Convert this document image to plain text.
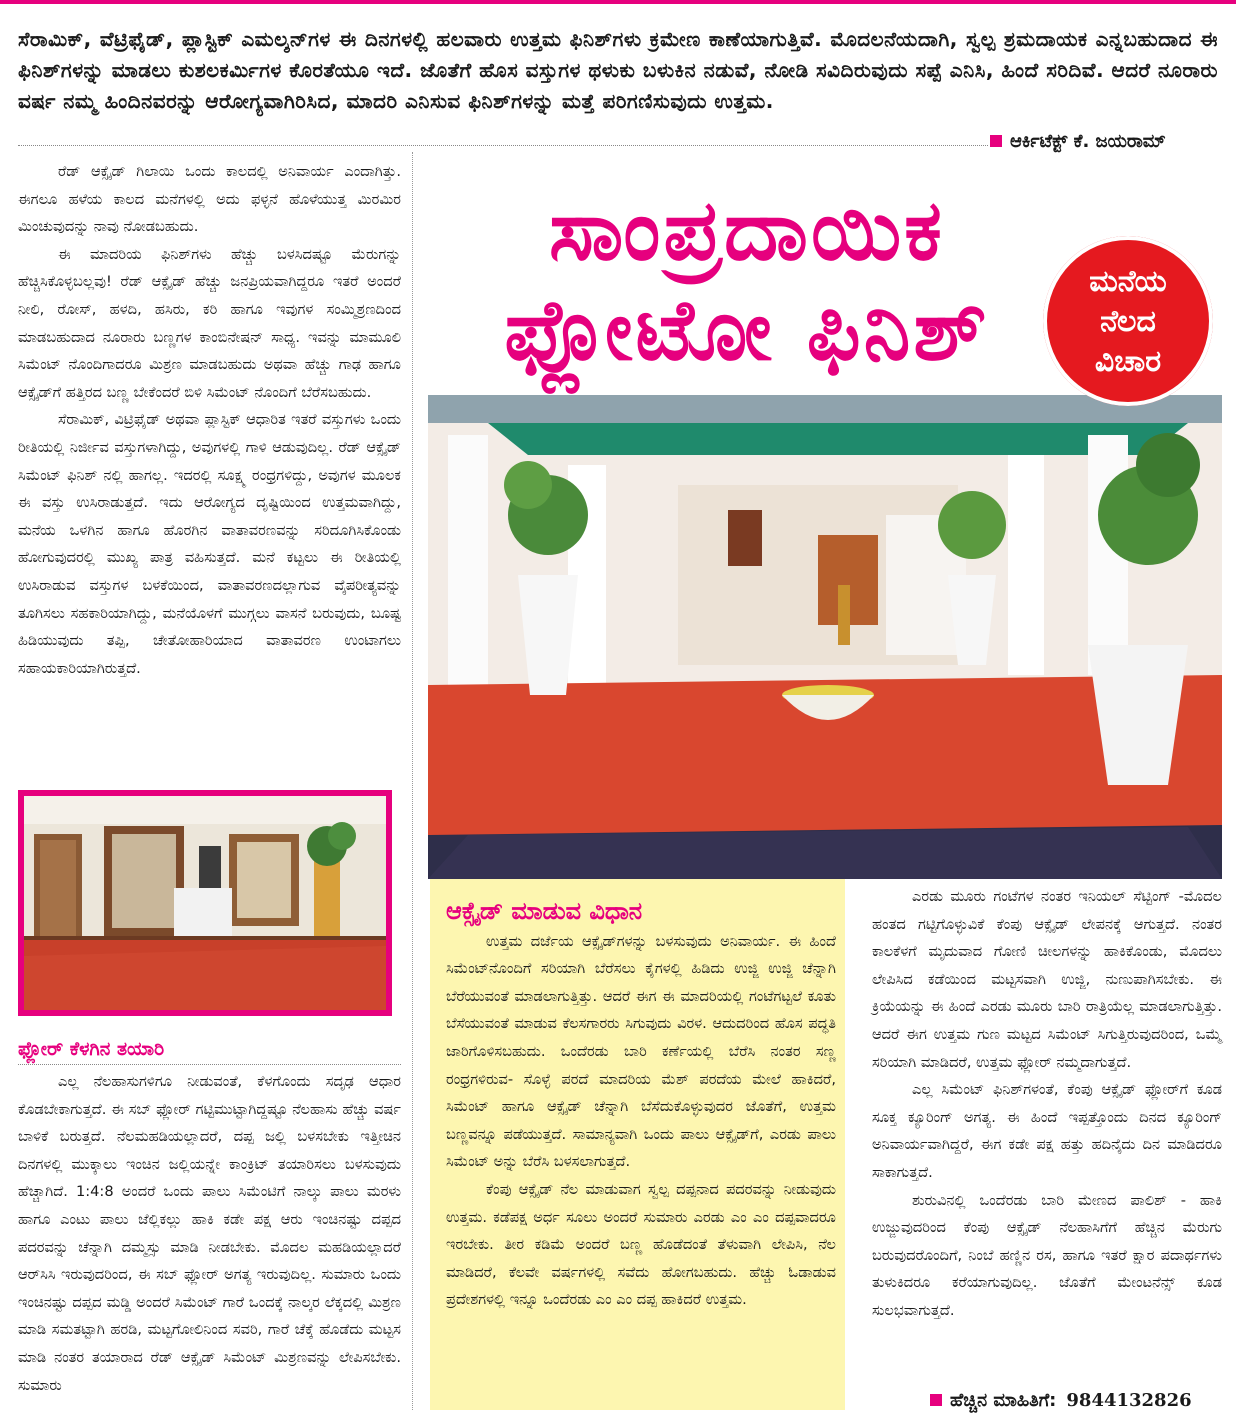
ಸೆರಾಮಿಕ್, ವೆಟ್ರಿಫೈಡ್, ಪ್ಲಾಸ್ಟಿಕ್ ಎಮಲ್ಶನ್‌ಗಳ ಈ ದಿನಗಳಲ್ಲಿ ಹಲವಾರು ಉತ್ತಮ ಫಿನಿಶ್‌ಗಳು ಕ್ರಮೇಣ ಕಾಣೆಯಾಗುತ್ತಿವೆ. ಮೊದಲನೆಯದಾಗಿ, ಸ್ವಲ್ಪ ಶ್ರಮದಾಯಕ ಎನ್ನಬಹುದಾದ ಈ ಫಿನಿಶ್‌ಗಳನ್ನು ಮಾಡಲು ಕುಶಲಕರ್ಮಿಗಳ ಕೊರತೆಯೂ ಇದೆ. ಜೊತೆಗೆ ಹೊಸ ವಸ್ತುಗಳ ಥಳುಕು ಬಳುಕಿನ ನಡುವೆ, ನೋಡಿ ಸವಿದಿರುವುದು ಸಪ್ಪೆ ಎನಿಸಿ, ಹಿಂದೆ ಸರಿದಿವೆ. ಆದರೆ ನೂರಾರು ವರ್ಷ ನಮ್ಮ ಹಿಂದಿನವರನ್ನು ಆರೋಗ್ಯವಾಗಿರಿಸಿದ, ಮಾದರಿ ಎನಿಸುವ ಫಿನಿಶ್‌ಗಳನ್ನು ಮತ್ತೆ ಪರಿಗಣಿಸುವುದು ಉತ್ತಮ.

ಆರ್ಕಿಟೆಕ್ಟ್ ಕೆ. ಜಯರಾಮ್

ರೆಡ್ ಆಕ್ಸೈಡ್ ಗಿಲಾಯಿ ಒಂದು ಕಾಲದಲ್ಲಿ ಅನಿವಾರ್ಯ ಎಂದಾಗಿತ್ತು. ಈಗಲೂ ಹಳೆಯ ಕಾಲದ ಮನೆಗಳಲ್ಲಿ ಅದು ಫಳ್ಳನೆ ಹೊಳೆಯುತ್ತ ಮಿರಮಿರ ಮಿಂಚುವುದನ್ನು ನಾವು ನೋಡಬಹುದು.

ಈ ಮಾದರಿಯ ಫಿನಿಶ್‌ಗಳು ಹೆಚ್ಚು ಬಳಸಿದಷ್ಟೂ ಮೆರುಗನ್ನು ಹೆಚ್ಚಿಸಿಕೊಳ್ಳಬಲ್ಲವು! ರೆಡ್ ಆಕ್ಸೈಡ್ ಹೆಚ್ಚು ಜನಪ್ರಿಯವಾಗಿದ್ದರೂ ಇತರೆ ಅಂದರೆ ನೀಲಿ, ರೋಸ್, ಹಳದಿ, ಹಸಿರು, ಕರಿ ಹಾಗೂ ಇವುಗಳ ಸಂಮ್ಮಿಶ್ರಣದಿಂದ ಮಾಡಬಹುದಾದ ನೂರಾರು ಬಣ್ಣಗಳ ಕಾಂಬಿನೇಷನ್ ಸಾಧ್ಯ. ಇವನ್ನು ಮಾಮೂಲಿ ಸಿಮೆಂಟ್ ನೊಂದಿಗಾದರೂ ಮಿಶ್ರಣ ಮಾಡಬಹುದು ಅಥವಾ ಹೆಚ್ಚು ಗಾಢ ಹಾಗೂ ಆಕ್ಸೈಡ್‌ಗೆ ಹತ್ತಿರದ ಬಣ್ಣ ಬೇಕೆಂದರೆ ಬಿಳಿ ಸಿಮೆಂಟ್ ನೊಂದಿಗೆ ಬೆರೆಸಬಹುದು.

ಸೆರಾಮಿಕ್, ವಿಟ್ರಿಫೈಡ್ ಅಥವಾ ಪ್ಲಾಸ್ಟಿಕ್ ಆಧಾರಿತ ಇತರೆ ವಸ್ತುಗಳು ಒಂದು ರೀತಿಯಲ್ಲಿ ನಿರ್ಜೀವ ವಸ್ತುಗಳಾಗಿದ್ದು, ಅವುಗಳಲ್ಲಿ ಗಾಳಿ ಆಡುವುದಿಲ್ಲ. ರೆಡ್ ಆಕ್ಸೈಡ್ ಸಿಮೆಂಟ್ ಫಿನಿಶ್ ನಲ್ಲಿ ಹಾಗಲ್ಲ. ಇದರಲ್ಲಿ ಸೂಕ್ಷ್ಮ ರಂಧ್ರಗಳಿದ್ದು, ಅವುಗಳ ಮೂಲಕ ಈ ವಸ್ತು ಉಸಿರಾಡುತ್ತದೆ. ಇದು ಆರೋಗ್ಯದ ದೃಷ್ಟಿಯಿಂದ ಉತ್ತಮವಾಗಿದ್ದು, ಮನೆಯ ಒಳಗಿನ ಹಾಗೂ ಹೊರಗಿನ ವಾತಾವರಣವನ್ನು ಸರಿದೂಗಿಸಿಕೊಂಡು ಹೋಗುವುದರಲ್ಲಿ ಮುಖ್ಯ ಪಾತ್ರ ವಹಿಸುತ್ತದೆ. ಮನೆ ಕಟ್ಟಲು ಈ ರೀತಿಯಲ್ಲಿ ಉಸಿರಾಡುವ ವಸ್ತುಗಳ ಬಳಕೆಯಿಂದ, ವಾತಾವರಣದಲ್ಲಾಗುವ ವೈಪರೀತ್ಯವನ್ನು ತೂಗಿಸಲು ಸಹಕಾರಿಯಾಗಿದ್ದು, ಮನೆಯೊಳಗೆ ಮುಗ್ಗಲು ವಾಸನೆ ಬರುವುದು, ಬೂಷ್ಟ ಹಿಡಿಯುವುದು ತಪ್ಪಿ, ಚೇತೋಹಾರಿಯಾದ ವಾತಾವರಣ ಉಂಟಾಗಲು ಸಹಾಯಕಾರಿಯಾಗಿರುತ್ತದೆ.

ಸಾಂಪ್ರದಾಯಿಕ
ಫ್ಲೋಟೋ ಫಿನಿಶ್	ಮನೆಯ
ನೆಲದ
ವಿಚಾರ
ಫ್ಲೋರ್ ಕೆಳಗಿನ ತಯಾರಿ

ಎಲ್ಲ ನೆಲಹಾಸುಗಳಿಗೂ ನೀಡುವಂತೆ, ಕೆಳಗೊಂದು ಸದೃಢ ಆಧಾರ ಕೊಡಬೇಕಾಗುತ್ತದೆ. ಈ ಸಬ್ ಫ್ಲೋರ್ ಗಟ್ಟಿಮುಟ್ಟಾಗಿದ್ದಷ್ಟೂ ನೆಲಹಾಸು ಹೆಚ್ಚು ವರ್ಷ ಬಾಳಿಕೆ ಬರುತ್ತದೆ. ನೆಲಮಹಡಿಯಲ್ಲಾದರೆ, ದಪ್ಪ ಜಲ್ಲಿ ಬಳಸಬೇಕು ಇತ್ತೀಚಿನ ದಿನಗಳಲ್ಲಿ ಮುಕ್ಕಾಲು ಇಂಚಿನ ಜಲ್ಲಿಯನ್ನೇ ಕಾಂಕ್ರಿಟ್ ತಯಾರಿಸಲು ಬಳಸುವುದು ಹೆಚ್ಚಾಗಿದೆ. 1:4:8 ಅಂದರೆ ಒಂದು ಪಾಲು ಸಿಮೆಂಟಿಗೆ ನಾಲ್ಕು ಪಾಲು ಮರಳು ಹಾಗೂ ಎಂಟು ಪಾಲು ಜೆಲ್ಲಿಕಲ್ಲು ಹಾಕಿ ಕಡೇ ಪಕ್ಷ ಆರು ಇಂಚಿನಷ್ಟು ದಪ್ಪದ ಪದರವನ್ನು ಚೆನ್ನಾಗಿ ದಮ್ಮಸ್ಸು ಮಾಡಿ ನೀಡಬೇಕು. ಮೊದಲ ಮಹಡಿಯಲ್ಲಾದರೆ ಆರ್‌ಸಿಸಿ ಇರುವುದರಿಂದ, ಈ ಸಬ್ ಫ್ಲೋರ್ ಅಗತ್ಯ ಇರುವುದಿಲ್ಲ. ಸುಮಾರು ಒಂದು ಇಂಚಿನಷ್ಟು ದಪ್ಪದ ಮಡ್ಡಿ ಅಂದರೆ ಸಿಮೆಂಟ್ ಗಾರೆ ಒಂದಕ್ಕೆ ನಾಲ್ಕರ ಲೆಕ್ಕದಲ್ಲಿ ಮಿಶ್ರಣ ಮಾಡಿ ಸಮತಟ್ಟಾಗಿ ಹರಡಿ, ಮಟ್ಟಗೋಲಿನಿಂದ ಸವರಿ, ಗಾರೆ ಚೆಕ್ಕೆ ಹೊಡೆದು ಮಟ್ಟಸ ಮಾಡಿ ನಂತರ ತಯಾರಾದ ರೆಡ್ ಆಕ್ಸೈಡ್ ಸಿಮೆಂಟ್ ಮಿಶ್ರಣವನ್ನು ಲೇಪಿಸಬೇಕು. ಸುಮಾರು

ಆಕ್ಸೈಡ್ ಮಾಡುವ ವಿಧಾನ

ಉತ್ತಮ ದರ್ಜೆಯ ಆಕ್ಸೈಡ್‌ಗಳನ್ನು ಬಳಸುವುದು ಅನಿವಾರ್ಯ. ಈ ಹಿಂದೆ ಸಿಮೆಂಟ್‌ನೊಂದಿಗೆ ಸರಿಯಾಗಿ ಬೆರೆಸಲು ಕೈಗಳಲ್ಲಿ ಹಿಡಿದು ಉಜ್ಜಿ ಉಜ್ಜಿ ಚೆನ್ನಾಗಿ ಬೆರೆಯುವಂತೆ ಮಾಡಲಾಗುತ್ತಿತ್ತು. ಆದರೆ ಈಗ ಈ ಮಾದರಿಯಲ್ಲಿ ಗಂಟೆಗಟ್ಟಲೆ ಕೂತು ಬೆಸೆಯುವಂತೆ ಮಾಡುವ ಕೆಲಸಗಾರರು ಸಿಗುವುದು ವಿರಳ. ಆದುದರಿಂದ ಹೊಸ ಪದ್ಧತಿ ಜಾರಿಗೊಳಿಸಬಹುದು. ಒಂದೆರಡು ಬಾರಿ ಕರ್ಣೆಯಲ್ಲಿ ಬೆರೆಸಿ ನಂತರ ಸಣ್ಣ ರಂಧ್ರಗಳಿರುವ- ಸೊಳ್ಳೆ ಪರದೆ ಮಾದರಿಯ ಮೆಶ್ ಪರದೆಯ ಮೇಲೆ ಹಾಕಿದರೆ, ಸಿಮೆಂಟ್ ಹಾಗೂ ಆಕ್ಸೈಡ್ ಚೆನ್ನಾಗಿ ಬೆಸೆದುಕೊಳ್ಳುವುದರ ಜೊತೆಗೆ, ಉತ್ತಮ ಬಣ್ಣವನ್ನೂ ಪಡೆಯುತ್ತದೆ. ಸಾಮಾನ್ಯವಾಗಿ ಒಂದು ಪಾಲು ಆಕ್ಸೈಡ್‌ಗೆ, ಎರಡು ಪಾಲು ಸಿಮೆಂಟ್ ಅನ್ನು ಬೆರೆಸಿ ಬಳಸಲಾಗುತ್ತದೆ.

ಕೆಂಪು ಆಕ್ಸೈಡ್ ನೆಲ ಮಾಡುವಾಗ ಸ್ವಲ್ಪ ದಪ್ಪನಾದ ಪದರವನ್ನು ನೀಡುವುದು ಉತ್ತಮ. ಕಡೆಪಕ್ಷ ಅರ್ಧ ಸೂಲು ಅಂದರೆ ಸುಮಾರು ಎರಡು ಎಂ ಎಂ ದಪ್ಪವಾದರೂ ಇರಬೇಕು. ತೀರ ಕಡಿಮೆ ಅಂದರೆ ಬಣ್ಣ ಹೊಡೆದಂತೆ ತೆಳುವಾಗಿ ಲೇಪಿಸಿ, ನೆಲ ಮಾಡಿದರೆ, ಕೆಲವೇ ವರ್ಷಗಳಲ್ಲಿ ಸವೆದು ಹೋಗಬಹುದು. ಹೆಚ್ಚು ಓಡಾಡುವ ಪ್ರದೇಶಗಳಲ್ಲಿ ಇನ್ನೂ ಒಂದೆರಡು ಎಂ ಎಂ ದಪ್ಪ ಹಾಕಿದರೆ ಉತ್ತಮ.

ಎರಡು ಮೂರು ಗಂಟೆಗಳ ನಂತರ ಇನಿಯಲ್ ಸೆಟ್ಟಿಂಗ್ -ಮೊದಲ ಹಂತದ ಗಟ್ಟಿಗೊಳ್ಳುವಿಕೆ ಕೆಂಪು ಆಕ್ಸೈಡ್ ಲೇಪನಕ್ಕೆ ಆಗುತ್ತದೆ. ನಂತರ ಕಾಲಕೆಳಗೆ ಮೃದುವಾದ ಗೋಣಿ ಚೀಲಗಳನ್ನು ಹಾಕಿಕೊಂಡು, ಮೊದಲು ಲೇಪಿಸಿದ ಕಡೆಯಿಂದ ಮಟ್ಟಸವಾಗಿ ಉಜ್ಜಿ, ನುಣುಪಾಗಿಸಬೇಕು. ಈ ಕ್ರಿಯೆಯನ್ನು ಈ ಹಿಂದೆ ಎರಡು ಮೂರು ಬಾರಿ ರಾತ್ರಿಯೆಲ್ಲ ಮಾಡಲಾಗುತ್ತಿತ್ತು. ಆದರೆ ಈಗ ಉತ್ತಮ ಗುಣ ಮಟ್ಟದ ಸಿಮೆಂಟ್ ಸಿಗುತ್ತಿರುವುದರಿಂದ, ಒಮ್ಮೆ ಸರಿಯಾಗಿ ಮಾಡಿದರೆ, ಉತ್ತಮ ಫ್ಲೋರ್ ನಮ್ಮದಾಗುತ್ತದೆ.

ಎಲ್ಲ ಸಿಮೆಂಟ್ ಫಿನಿಶ್‌ಗಳಂತೆ, ಕೆಂಪು ಆಕ್ಸೈಡ್ ಫ್ಲೋರ್‌ಗೆ ಕೂಡ ಸೂಕ್ತ ಕ್ಯೂರಿಂಗ್ ಅಗತ್ಯ. ಈ ಹಿಂದೆ ಇಪ್ಪತ್ತೊಂದು ದಿನದ ಕ್ಯೂರಿಂಗ್ ಅನಿವಾರ್ಯವಾಗಿದ್ದರೆ, ಈಗ ಕಡೇ ಪಕ್ಷ ಹತ್ತು ಹದಿನೈದು ದಿನ ಮಾಡಿದರೂ ಸಾಕಾಗುತ್ತದೆ.

ಶುರುವಿನಲ್ಲಿ ಒಂದೆರಡು ಬಾರಿ ಮೇಣದ ಪಾಲಿಶ್ - ಹಾಕಿ ಉಜ್ಜುವುದರಿಂದ ಕೆಂಪು ಆಕ್ಸೈಡ್ ನೆಲಹಾಸಿಗೆಗೆ ಹೆಚ್ಚಿನ ಮೆರುಗು ಬರುವುದರೊಂದಿಗೆ, ನಿಂಬೆ ಹಣ್ಣಿನ ರಸ, ಹಾಗೂ ಇತರೆ ಕ್ಷಾರ ಪದಾರ್ಥಗಳು ತುಳುಕಿದರೂ ಕರೆಯಾಗುವುದಿಲ್ಲ. ಜೊತೆಗೆ ಮೇಂಟನೆನ್ಸ್ ಕೂಡ ಸುಲಭವಾಗುತ್ತದೆ.

ಹೆಚ್ಚಿನ ಮಾಹಿತಿಗೆ: 9844132826
